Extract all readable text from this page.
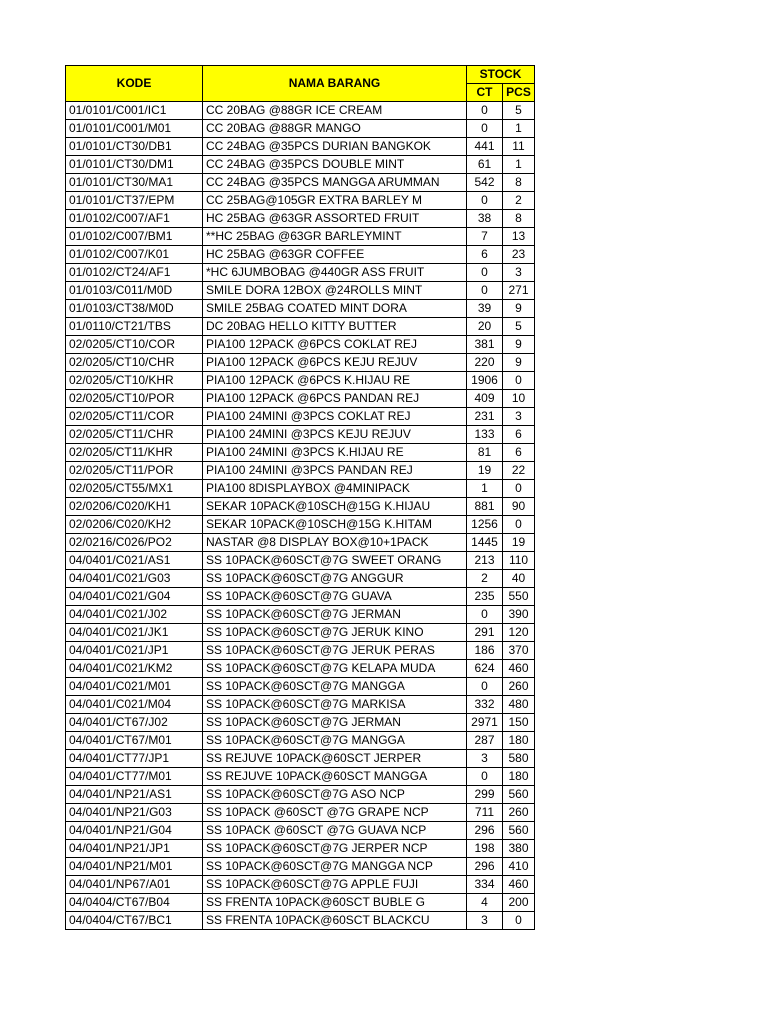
KODE	NAMA BARANG	STOCK	
		CT	PCS
01/0101/C001/IC1	CC 20BAG @88GR ICE CREAM	0	5
01/0101/C001/M01	CC 20BAG @88GR MANGO	0	1
01/0101/CT30/DB1	CC 24BAG @35PCS DURIAN BANGKOK	441	11
01/0101/CT30/DM1	CC 24BAG @35PCS DOUBLE MINT	61	1
01/0101/CT30/MA1	CC 24BAG @35PCS MANGGA ARUMMAN	542	8
01/0101/CT37/EPM	CC 25BAG@105GR EXTRA BARLEY M	0	2
01/0102/C007/AF1	HC 25BAG @63GR ASSORTED FRUIT	38	8
01/0102/C007/BM1	**HC 25BAG @63GR BARLEYMINT	7	13
01/0102/C007/K01	HC 25BAG @63GR COFFEE	6	23
01/0102/CT24/AF1	*HC 6JUMBOBAG @440GR ASS FRUIT	0	3
01/0103/C011/M0D	SMILE DORA 12BOX @24ROLLS MINT	0	271
01/0103/CT38/M0D	SMILE 25BAG COATED MINT DORA	39	9
01/0110/CT21/TBS	DC 20BAG HELLO KITTY BUTTER	20	5
02/0205/CT10/COR	PIA100 12PACK @6PCS COKLAT REJ	381	9
02/0205/CT10/CHR	PIA100 12PACK @6PCS KEJU REJUV	220	9
02/0205/CT10/KHR	PIA100 12PACK @6PCS K.HIJAU RE	1906	0
02/0205/CT10/POR	PIA100 12PACK @6PCS PANDAN REJ	409	10
02/0205/CT11/COR	PIA100 24MINI @3PCS COKLAT REJ	231	3
02/0205/CT11/CHR	PIA100 24MINI @3PCS KEJU REJUV	133	6
02/0205/CT11/KHR	PIA100 24MINI @3PCS K.HIJAU RE	81	6
02/0205/CT11/POR	PIA100 24MINI @3PCS PANDAN REJ	19	22
02/0205/CT55/MX1	PIA100 8DISPLAYBOX @4MINIPACK	1	0
02/0206/C020/KH1	SEKAR 10PACK@10SCH@15G K.HIJAU	881	90
02/0206/C020/KH2	SEKAR 10PACK@10SCH@15G K.HITAM	1256	0
02/0216/C026/PO2	NASTAR @8 DISPLAY BOX@10+1PACK	1445	19
04/0401/C021/AS1	SS 10PACK@60SCT@7G SWEET ORANG	213	110
04/0401/C021/G03	SS 10PACK@60SCT@7G ANGGUR	2	40
04/0401/C021/G04	SS 10PACK@60SCT@7G GUAVA	235	550
04/0401/C021/J02	SS 10PACK@60SCT@7G JERMAN	0	390
04/0401/C021/JK1	SS 10PACK@60SCT@7G JERUK KINO	291	120
04/0401/C021/JP1	SS 10PACK@60SCT@7G JERUK PERAS	186	370
04/0401/C021/KM2	SS 10PACK@60SCT@7G KELAPA MUDA	624	460
04/0401/C021/M01	SS 10PACK@60SCT@7G MANGGA	0	260
04/0401/C021/M04	SS 10PACK@60SCT@7G MARKISA	332	480
04/0401/CT67/J02	SS 10PACK@60SCT@7G JERMAN	2971	150
04/0401/CT67/M01	SS 10PACK@60SCT@7G MANGGA	287	180
04/0401/CT77/JP1	SS REJUVE 10PACK@60SCT JERPER	3	580
04/0401/CT77/M01	SS REJUVE 10PACK@60SCT MANGGA	0	180
04/0401/NP21/AS1	SS 10PACK@60SCT@7G ASO NCP	299	560
04/0401/NP21/G03	SS 10PACK @60SCT @7G GRAPE NCP	711	260
04/0401/NP21/G04	SS 10PACK @60SCT @7G GUAVA NCP	296	560
04/0401/NP21/JP1	SS 10PACK@60SCT@7G JERPER NCP	198	380
04/0401/NP21/M01	SS 10PACK@60SCT@7G MANGGA NCP	296	410
04/0401/NP67/A01	SS 10PACK@60SCT@7G APPLE FUJI	334	460
04/0404/CT67/B04	SS FRENTA 10PACK@60SCT BUBLE G	4	200
04/0404/CT67/BC1	SS FRENTA 10PACK@60SCT BLACKCU	3	0
